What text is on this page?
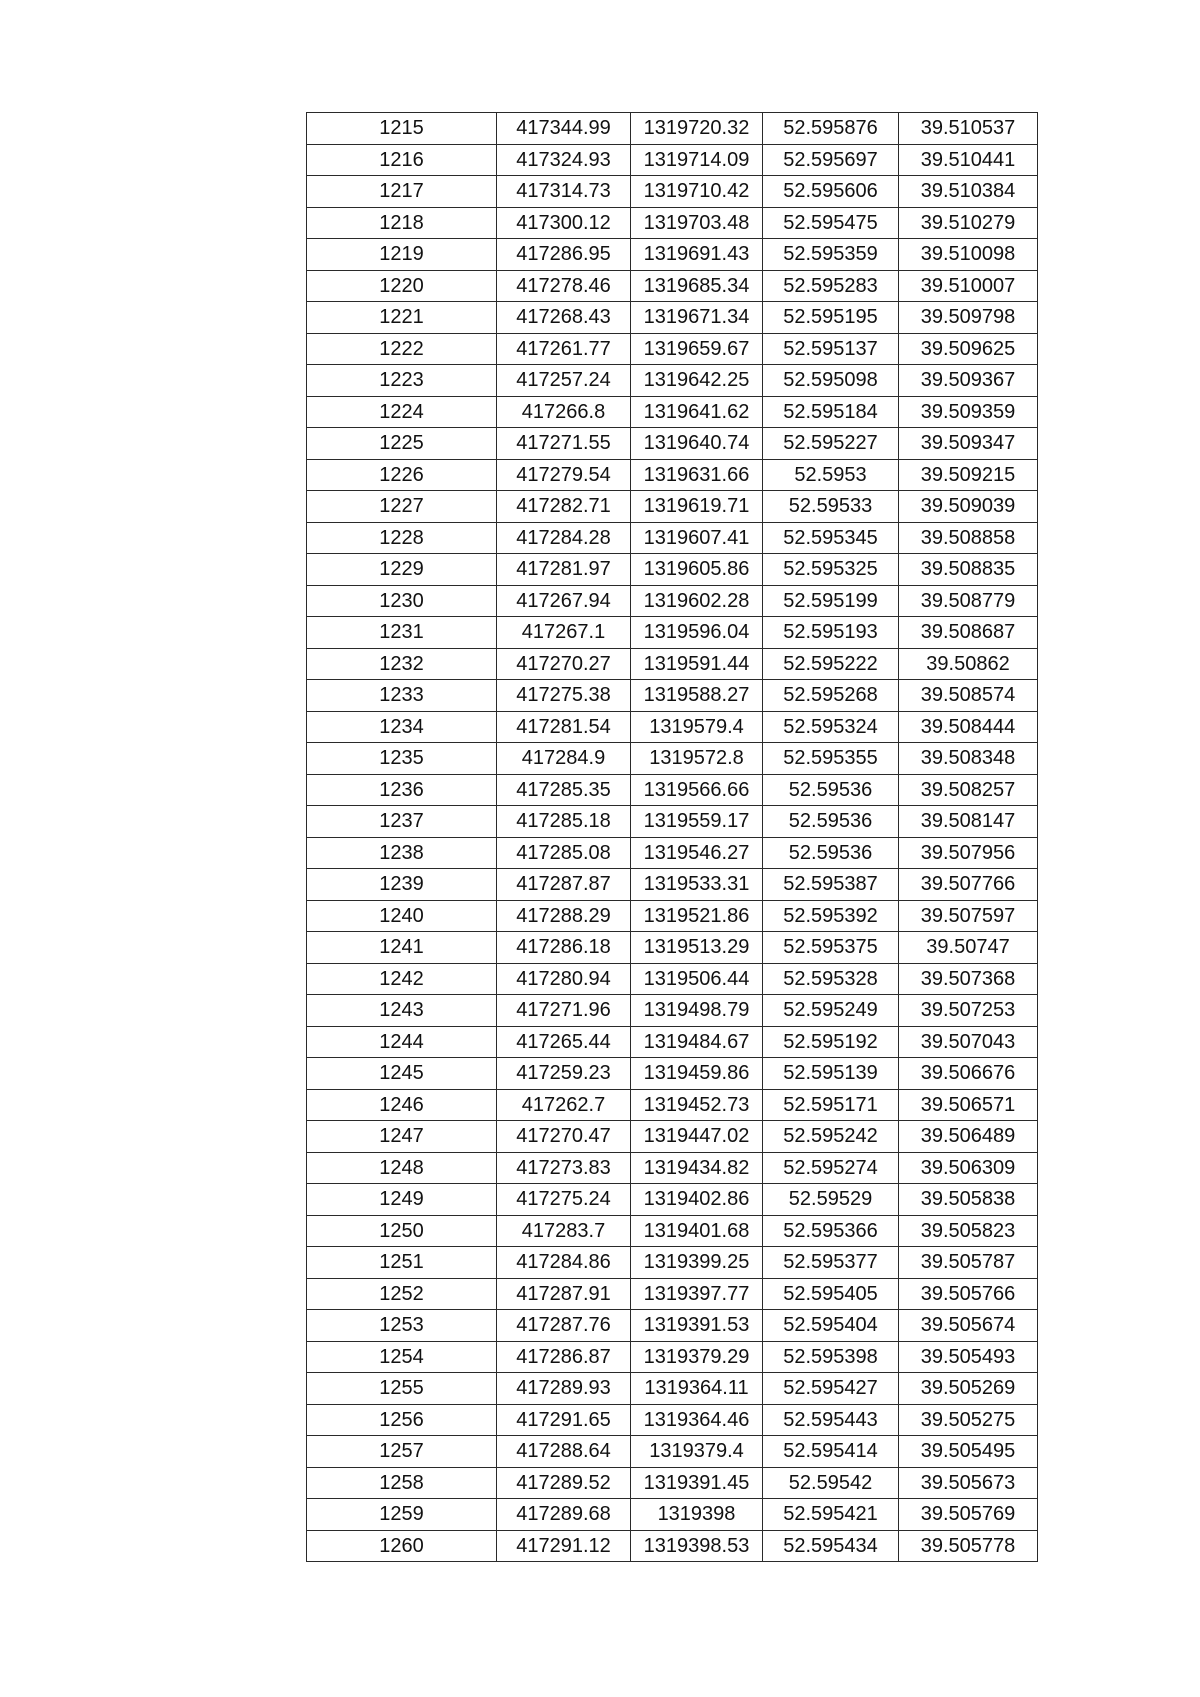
1215	417344.99	1319720.32	52.595876	39.510537
1216	417324.93	1319714.09	52.595697	39.510441
1217	417314.73	1319710.42	52.595606	39.510384
1218	417300.12	1319703.48	52.595475	39.510279
1219	417286.95	1319691.43	52.595359	39.510098
1220	417278.46	1319685.34	52.595283	39.510007
1221	417268.43	1319671.34	52.595195	39.509798
1222	417261.77	1319659.67	52.595137	39.509625
1223	417257.24	1319642.25	52.595098	39.509367
1224	417266.8	1319641.62	52.595184	39.509359
1225	417271.55	1319640.74	52.595227	39.509347
1226	417279.54	1319631.66	52.5953	39.509215
1227	417282.71	1319619.71	52.59533	39.509039
1228	417284.28	1319607.41	52.595345	39.508858
1229	417281.97	1319605.86	52.595325	39.508835
1230	417267.94	1319602.28	52.595199	39.508779
1231	417267.1	1319596.04	52.595193	39.508687
1232	417270.27	1319591.44	52.595222	39.50862
1233	417275.38	1319588.27	52.595268	39.508574
1234	417281.54	1319579.4	52.595324	39.508444
1235	417284.9	1319572.8	52.595355	39.508348
1236	417285.35	1319566.66	52.59536	39.508257
1237	417285.18	1319559.17	52.59536	39.508147
1238	417285.08	1319546.27	52.59536	39.507956
1239	417287.87	1319533.31	52.595387	39.507766
1240	417288.29	1319521.86	52.595392	39.507597
1241	417286.18	1319513.29	52.595375	39.50747
1242	417280.94	1319506.44	52.595328	39.507368
1243	417271.96	1319498.79	52.595249	39.507253
1244	417265.44	1319484.67	52.595192	39.507043
1245	417259.23	1319459.86	52.595139	39.506676
1246	417262.7	1319452.73	52.595171	39.506571
1247	417270.47	1319447.02	52.595242	39.506489
1248	417273.83	1319434.82	52.595274	39.506309
1249	417275.24	1319402.86	52.59529	39.505838
1250	417283.7	1319401.68	52.595366	39.505823
1251	417284.86	1319399.25	52.595377	39.505787
1252	417287.91	1319397.77	52.595405	39.505766
1253	417287.76	1319391.53	52.595404	39.505674
1254	417286.87	1319379.29	52.595398	39.505493
1255	417289.93	1319364.11	52.595427	39.505269
1256	417291.65	1319364.46	52.595443	39.505275
1257	417288.64	1319379.4	52.595414	39.505495
1258	417289.52	1319391.45	52.59542	39.505673
1259	417289.68	1319398	52.595421	39.505769
1260	417291.12	1319398.53	52.595434	39.505778
